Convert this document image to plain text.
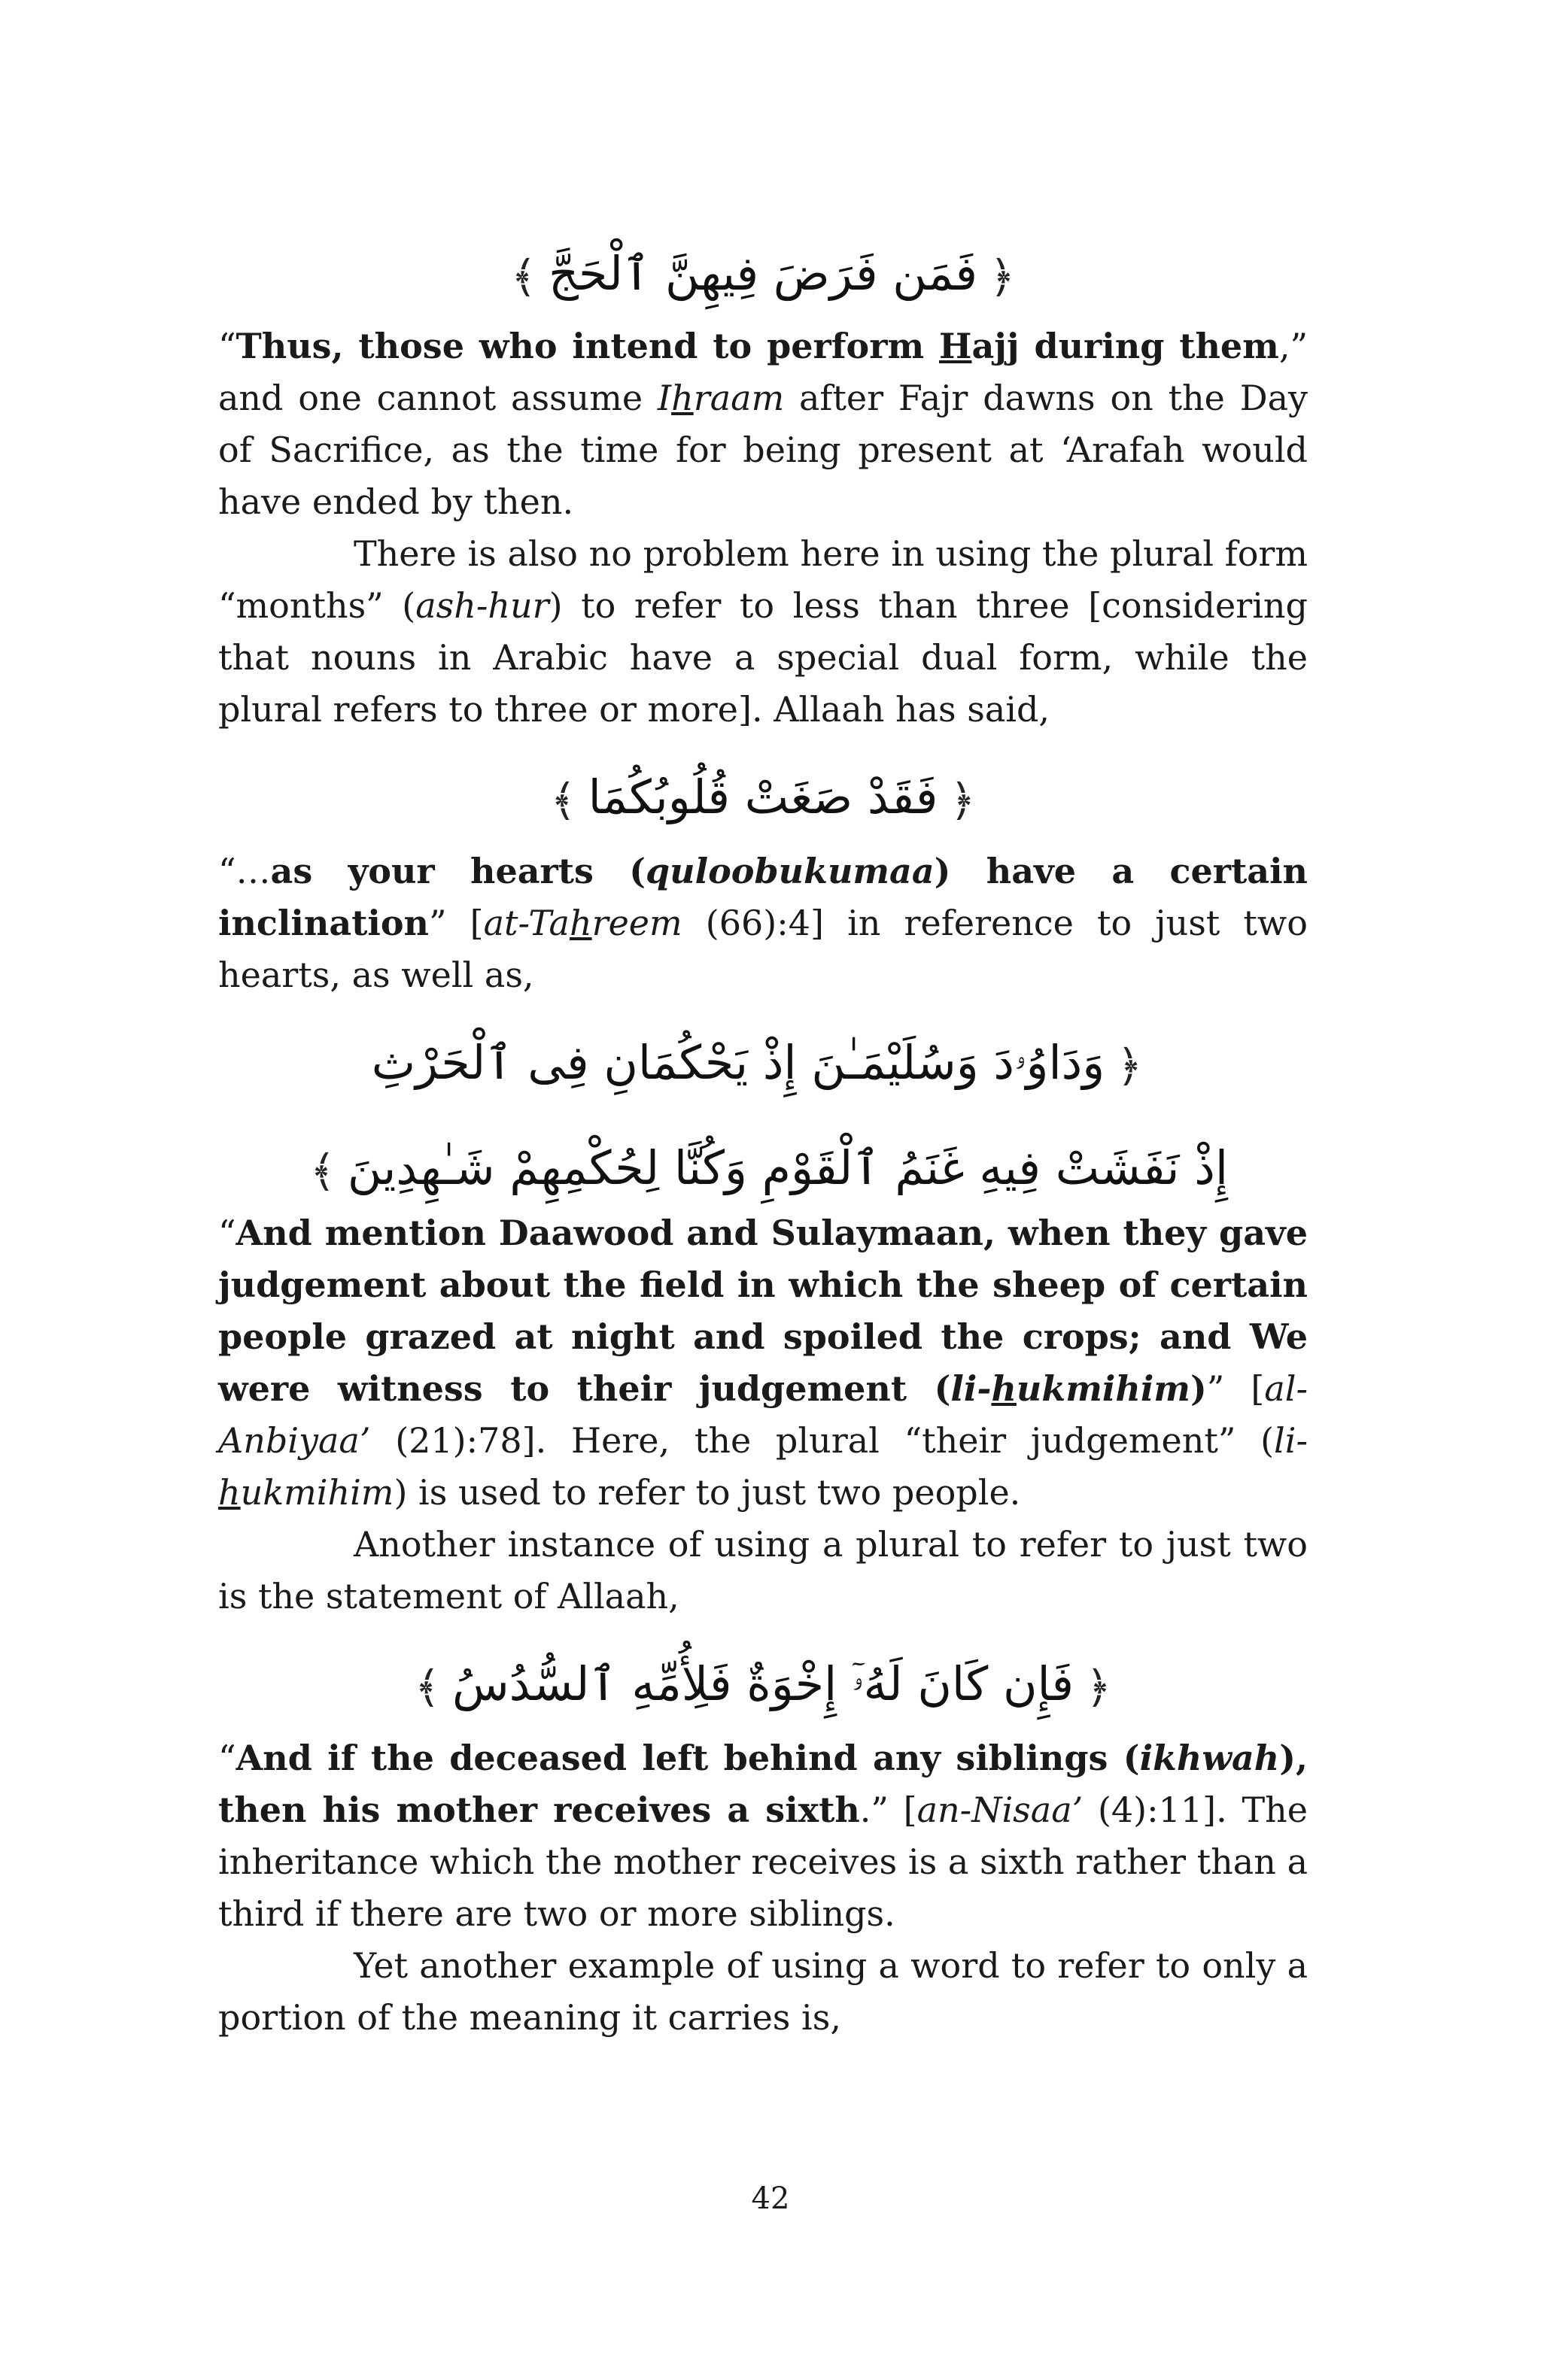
﴿فَمَن فَرَضَ فِيهِنَّ ٱلْحَجَّ﴾

“Thus, those who intend to perform Hajj during them,” and one cannot assume Ihraam after Fajr dawns on the Day of Sacrifice, as the time for being present at ‘Arafah would have ended by then.

There is also no problem here in using the plural form “months” (ash-hur) to refer to less than three [considering that nouns in Arabic have a special dual form, while the plural refers to three or more]. Allaah has said,

﴿فَقَدْ صَغَتْ قُلُوبُكُمَا﴾

“…as your hearts (quloobukumaa) have a certain inclination” [at-Tahreem (66):4] in reference to just two hearts, as well as,

﴿وَدَاوُۥدَ وَسُلَيْمَـٰنَ إِذْ يَحْكُمَانِ فِى ٱلْحَرْثِ
إِذْ نَفَشَتْ فِيهِ غَنَمُ ٱلْقَوْمِ وَكُنَّا لِحُكْمِهِمْ شَـٰهِدِينَ﴾

“And mention Daawood and Sulaymaan, when they gave judgement about the field in which the sheep of certain people grazed at night and spoiled the crops; and We were witness to their judgement (li-hukmihim)” [al-Anbiyaa’ (21):78]. Here, the plural “their judgement” (li-hukmihim) is used to refer to just two people.

Another instance of using a plural to refer to just two is the statement of Allaah,

﴿فَإِن كَانَ لَهُۥٓ إِخْوَةٌ فَلِأُمِّهِ ٱلسُّدُسُ﴾

“And if the deceased left behind any siblings (ikhwah), then his mother receives a sixth.” [an-Nisaa’ (4):11]. The inheritance which the mother receives is a sixth rather than a third if there are two or more siblings.

Yet another example of using a word to refer to only a portion of the meaning it carries is,

42
